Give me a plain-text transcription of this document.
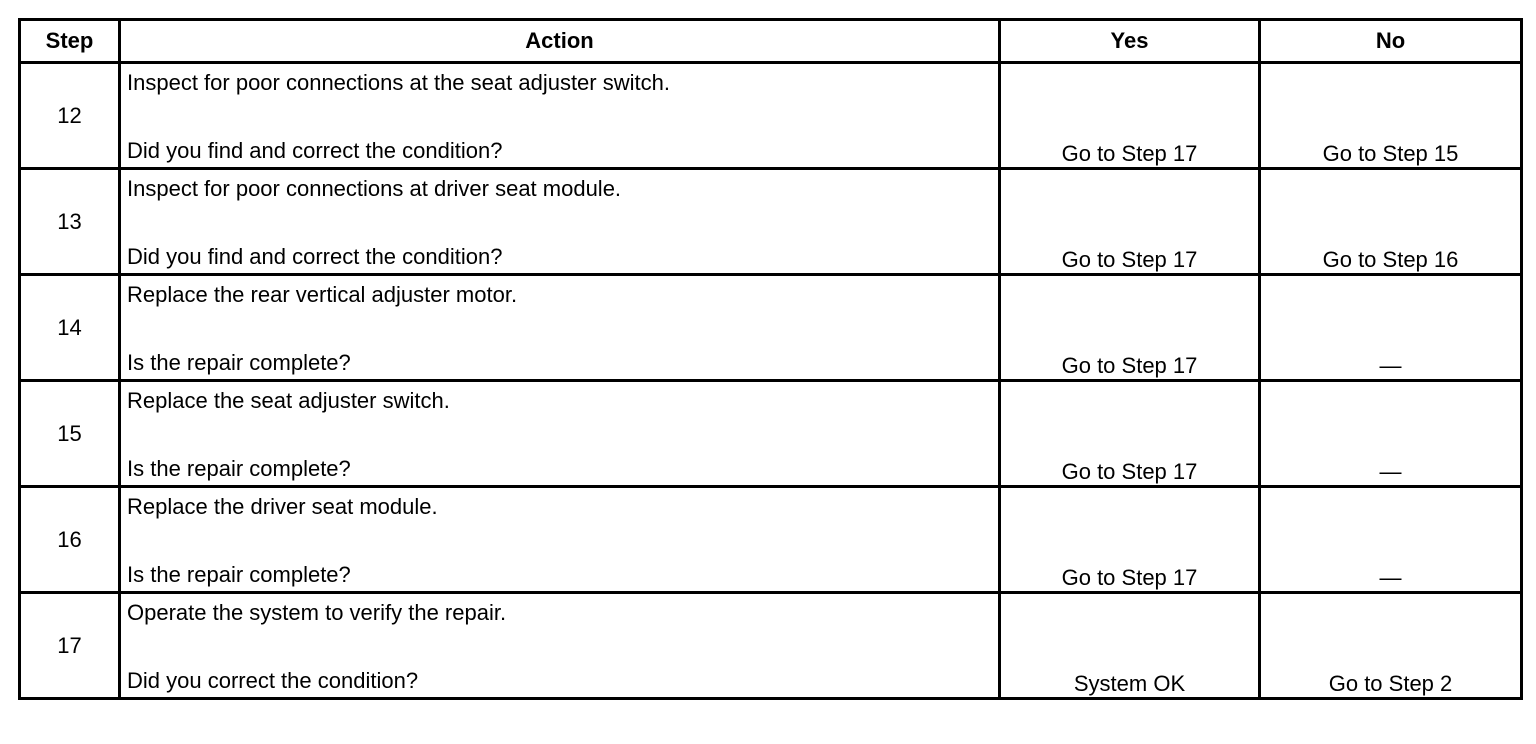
Step	Action	Yes	No
12	Inspect for poor connections at the seat adjuster switch.
Did you find and correct the condition?	Go to Step 17	Go to Step 15
13	Inspect for poor connections at driver seat module.
Did you find and correct the condition?	Go to Step 17	Go to Step 16
14	Replace the rear vertical adjuster motor.
Is the repair complete?	Go to Step 17	—
15	Replace the seat adjuster switch.
Is the repair complete?	Go to Step 17	—
16	Replace the driver seat module.
Is the repair complete?	Go to Step 17	—
17	Operate the system to verify the repair.
Did you correct the condition?	System OK	Go to Step 2
